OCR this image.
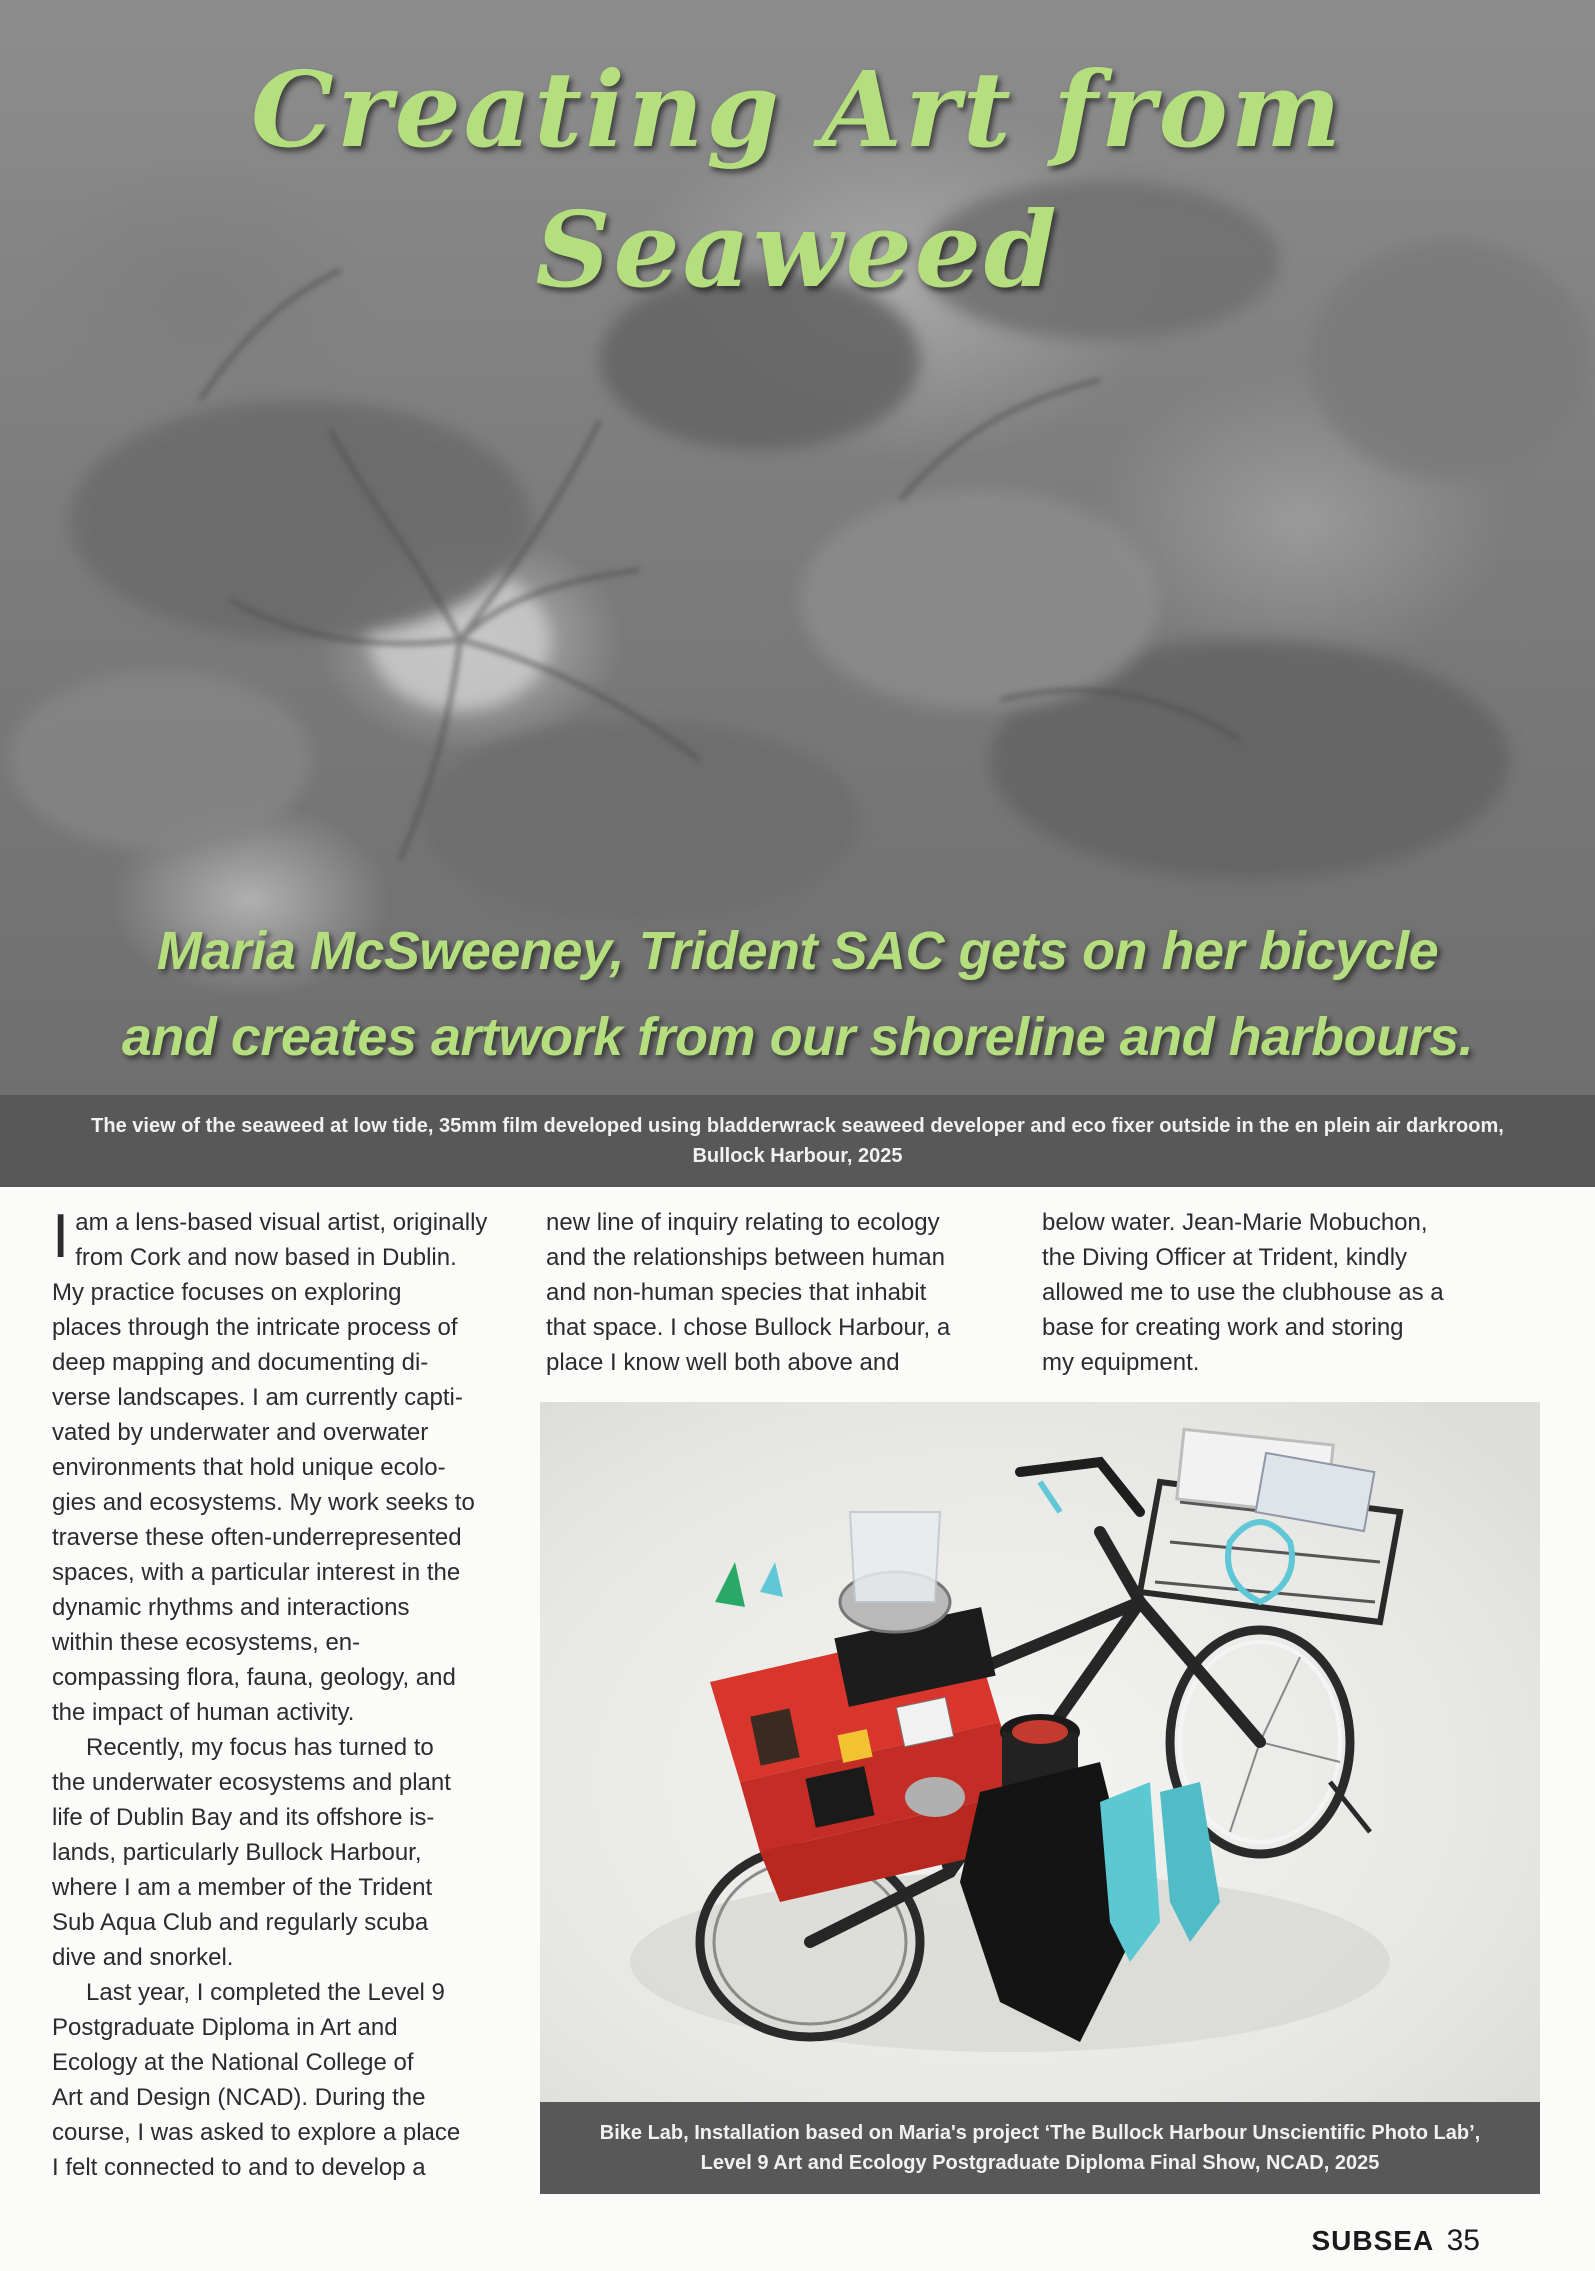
Creating Art from Seaweed
Maria McSweeney, Trident SAC gets on her bicycle
and creates artwork from our shoreline and harbours.
The view of the seaweed at low tide, 35mm film developed using bladderwrack seaweed developer and eco fixer outside in the en plein air darkroom,
Bullock Harbour, 2025

I am a lens-based visual artist, originally
from Cork and now based in Dublin.
My practice focuses on exploring
places through the intricate process of
deep mapping and documenting di-
verse landscapes. I am currently capti-
vated by underwater and overwater
environments that hold unique ecolo-
gies and ecosystems. My work seeks to
traverse these often-underrepresented
spaces, with a particular interest in the
dynamic rhythms and interactions
within these ecosystems, en-
compassing flora, fauna, geology, and
the impact of human activity.

Recently, my focus has turned to
the underwater ecosystems and plant
life of Dublin Bay and its offshore is-
lands, particularly Bullock Harbour,
where I am a member of the Trident
Sub Aqua Club and regularly scuba
dive and snorkel.

Last year, I completed the Level 9
Postgraduate Diploma in Art and
Ecology at the National College of
Art and Design (NCAD). During the
course, I was asked to explore a place
I felt connected to and to develop a

new line of inquiry relating to ecology
and the relationships between human
and non-human species that inhabit
that space. I chose Bullock Harbour, a
place I know well both above and

below water. Jean-Marie Mobuchon,
the Diving Officer at Trident, kindly
allowed me to use the clubhouse as a
base for creating work and storing
my equipment.

Bike Lab, Installation based on Maria's project ‘The Bullock Harbour Unscientific Photo Lab’,
Level 9 Art and Ecology Postgraduate Diploma Final Show, NCAD, 2025
SUBSEA 35
